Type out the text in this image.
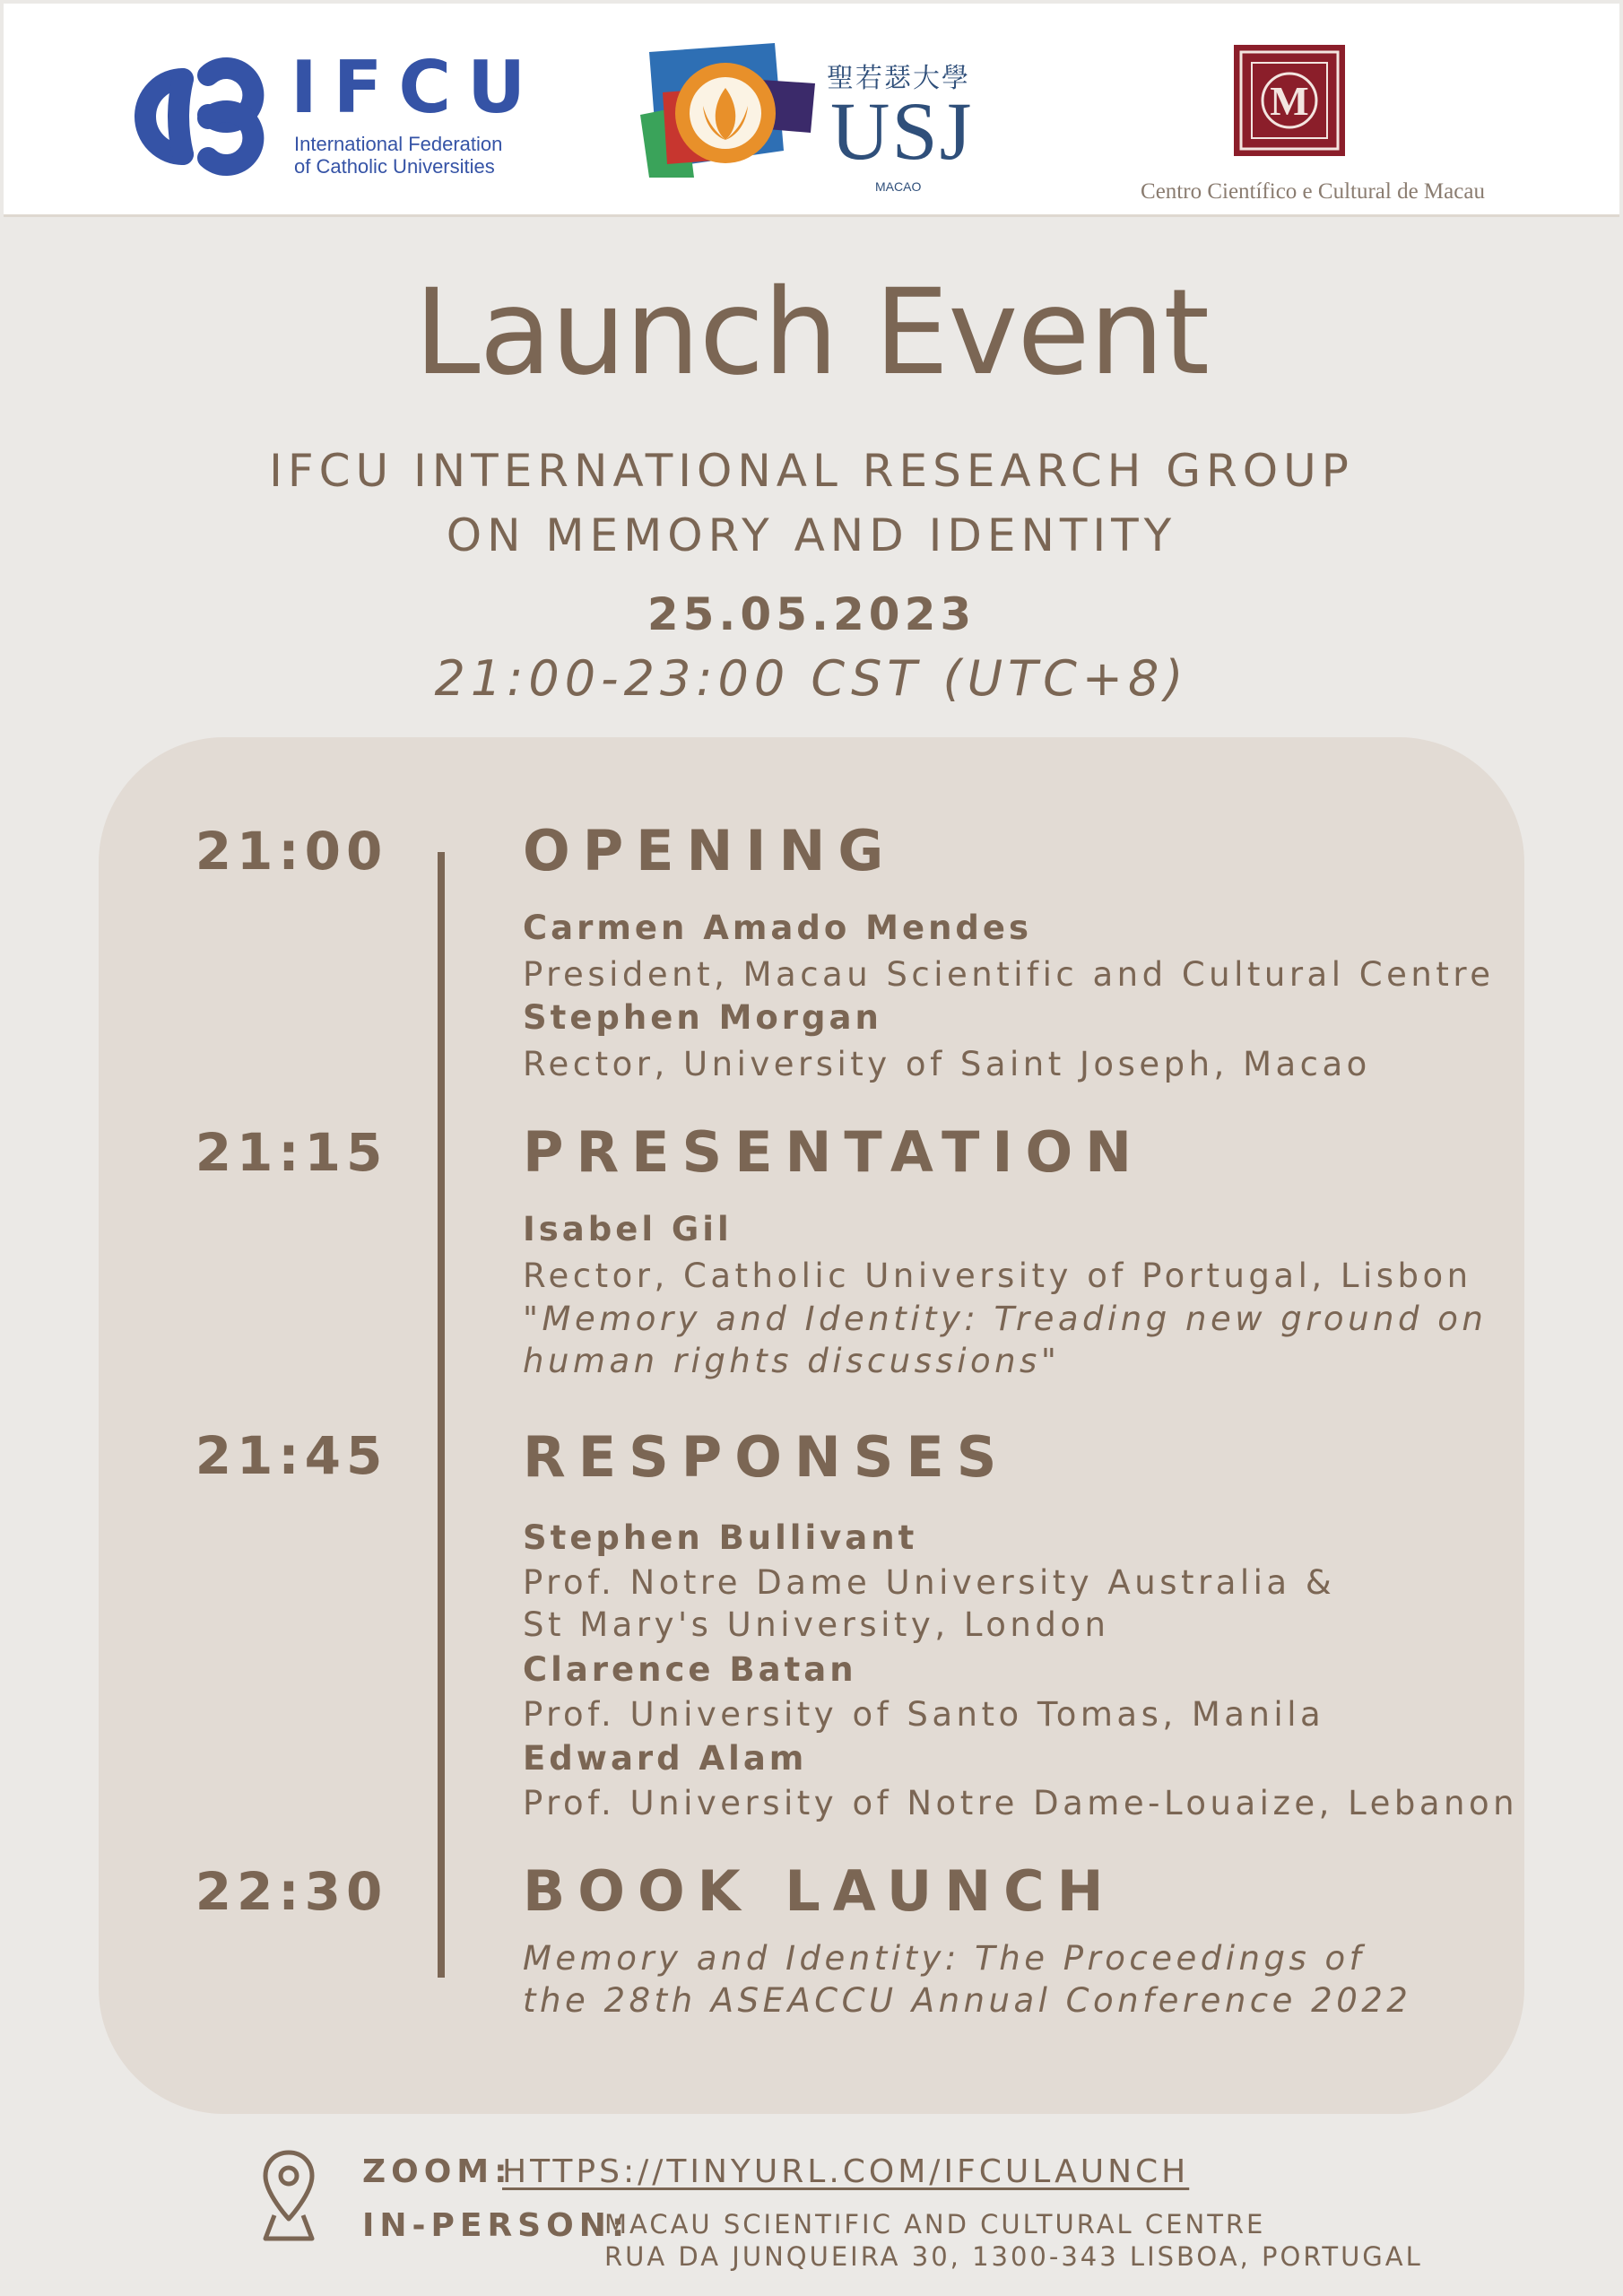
IFCU
International Federation
of Catholic Universities
聖若瑟大學
USJ
MACAO
M
Centro Científico e Cultural de Macau
Launch Event
IFCU INTERNATIONAL RESEARCH GROUP
ON MEMORY AND IDENTITY
25.05.2023
21:00-23:00 CST (UTC+8)
21:00 OPENING
Carmen Amado Mendes
President, Macau Scientific and Cultural Centre
Stephen Morgan
Rector, University of Saint Joseph, Macao
21:15 PRESENTATION
Isabel Gil
Rector, Catholic University of Portugal, Lisbon
"Memory and Identity: Treading new ground on
human rights discussions"
21:45 RESPONSES
Stephen Bullivant
Prof. Notre Dame University Australia &
St Mary's University, London
Clarence Batan
Prof. University of Santo Tomas, Manila
Edward Alam
Prof. University of Notre Dame-Louaize, Lebanon
22:30 BOOK LAUNCH
Memory and Identity: The Proceedings of
the 28th ASEACCU Annual Conference 2022
ZOOM:
HTTPS://TINYURL.COM/IFCULAUNCH
IN-PERSON:
MACAU SCIENTIFIC AND CULTURAL CENTRE
RUA DA JUNQUEIRA 30, 1300-343 LISBOA, PORTUGAL
